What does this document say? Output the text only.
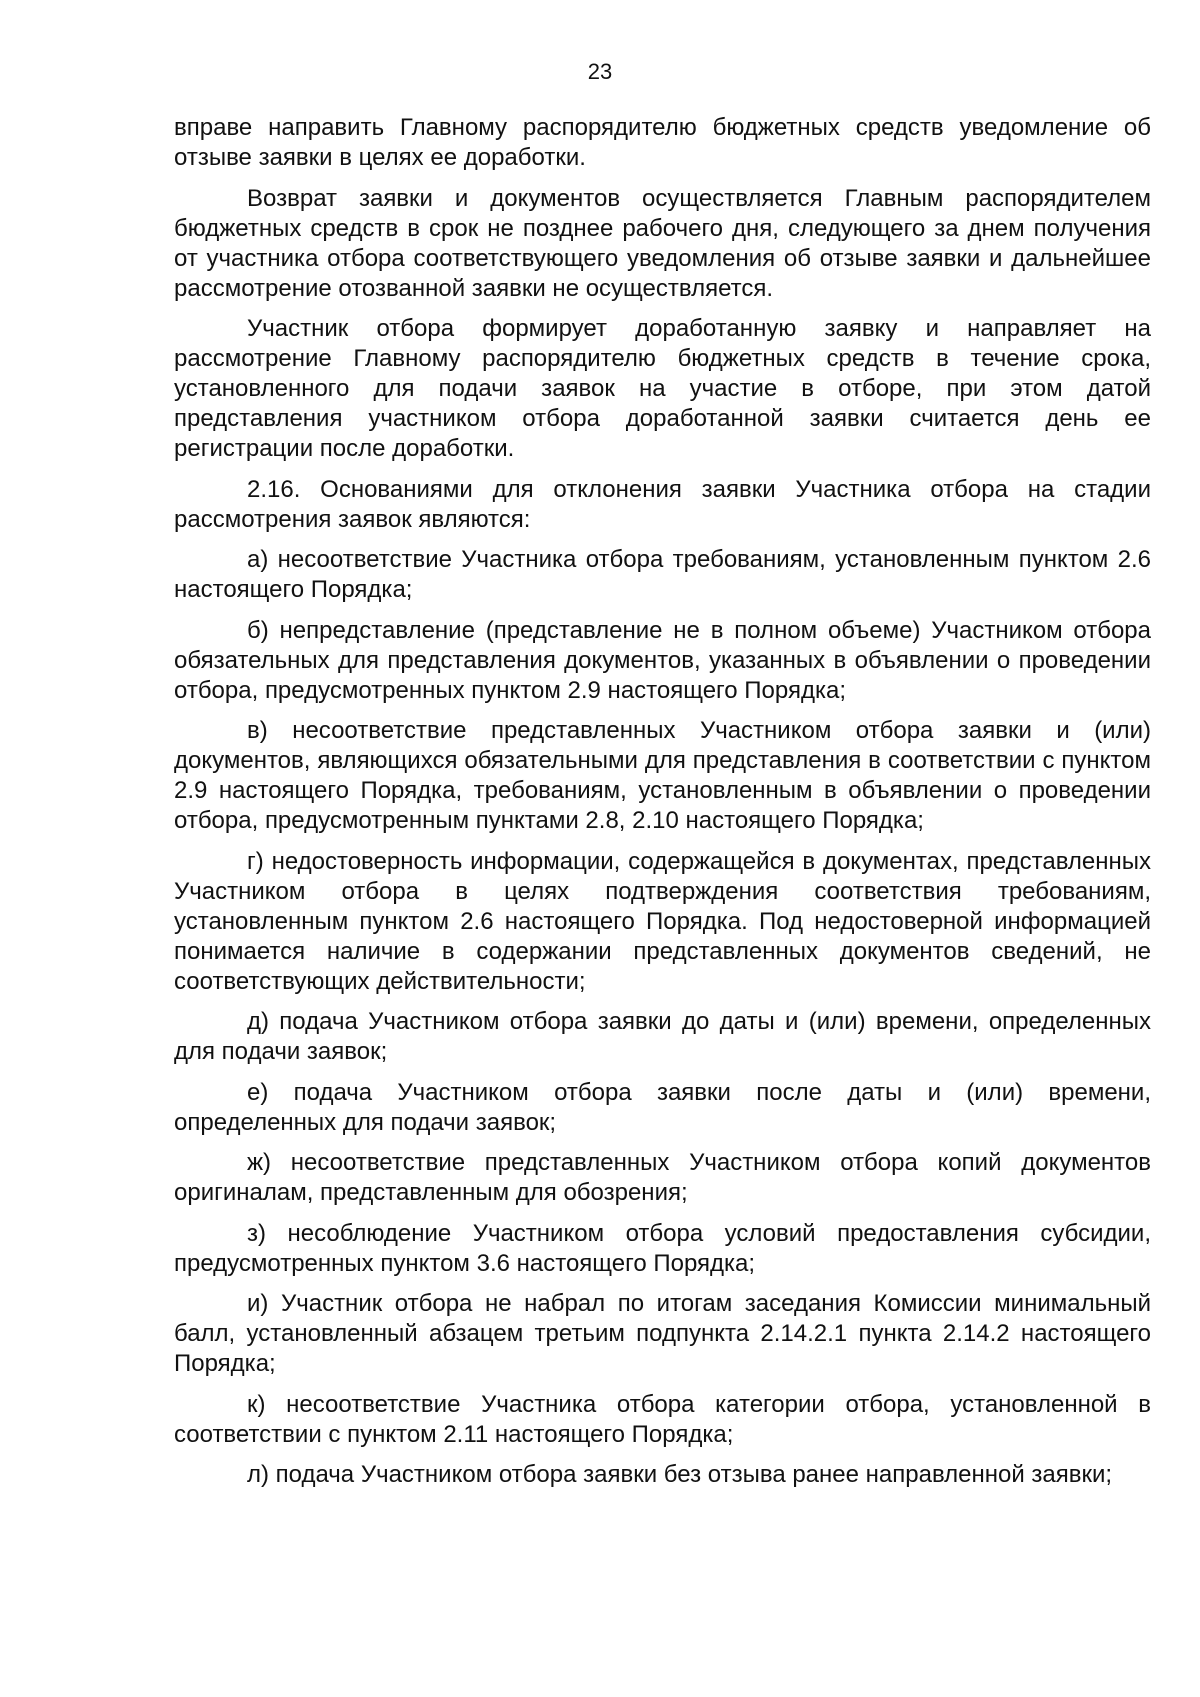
23

вправе направить Главному распорядителю бюджетных средств уведомление об отзыве заявки в целях ее доработки.

Возврат заявки и документов осуществляется Главным распорядителем бюджетных средств в срок не позднее рабочего дня, следующего за днем получения от участника отбора соответствующего уведомления об отзыве заявки и дальнейшее рассмотрение отозванной заявки не осуществляется.

Участник отбора формирует доработанную заявку и направляет на рассмотрение Главному распорядителю бюджетных средств в течение срока, установленного для подачи заявок на участие в отборе, при этом датой представления участником отбора доработанной заявки считается день ее регистрации после доработки.

2.16. Основаниями для отклонения заявки Участника отбора на стадии рассмотрения заявок являются:

а) несоответствие Участника отбора требованиям, установленным пунктом 2.6 настоящего Порядка;

б) непредставление (представление не в полном объеме) Участником отбора обязательных для представления документов, указанных в объявлении о проведении отбора, предусмотренных пунктом 2.9 настоящего Порядка;

в) несоответствие представленных Участником отбора заявки и (или) документов, являющихся обязательными для представления в соответствии с пунктом 2.9 настоящего Порядка, требованиям, установленным в объявлении о проведении отбора, предусмотренным пунктами 2.8, 2.10 настоящего Порядка;

г) недостоверность информации, содержащейся в документах, представленных Участником отбора в целях подтверждения соответствия требованиям, установленным пунктом 2.6 настоящего Порядка. Под недостоверной информацией понимается наличие в содержании представленных документов сведений, не соответствующих действительности;

д) подача Участником отбора заявки до даты и (или) времени, определенных для подачи заявок;

е) подача Участником отбора заявки после даты и (или) времени, определенных для подачи заявок;

ж) несоответствие представленных Участником отбора копий документов оригиналам, представленным для обозрения;

з) несоблюдение Участником отбора условий предоставления субсидии, предусмотренных пунктом 3.6 настоящего Порядка;

и) Участник отбора не набрал по итогам заседания Комиссии минимальный балл, установленный абзацем третьим подпункта 2.14.2.1 пункта 2.14.2 настоящего Порядка;

к) несоответствие Участника отбора категории отбора, установленной в соответствии с пунктом 2.11 настоящего Порядка;

л) подача Участником отбора заявки без отзыва ранее направленной заявки;
